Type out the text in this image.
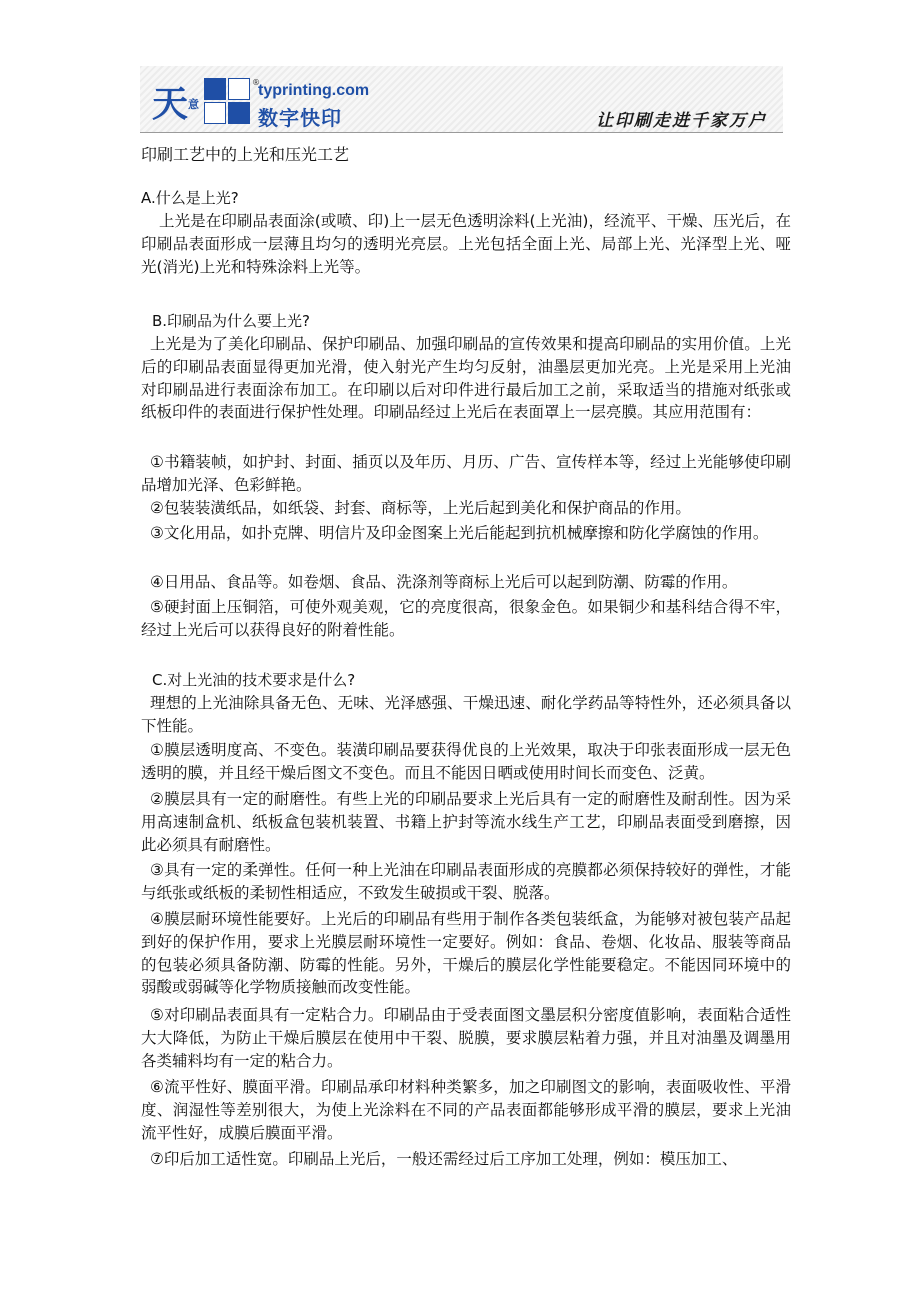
天 意
®
typrinting.com
数字快印	让印刷走进千家万户
印刷工艺中的上光和压光工艺
A.什么是上光?
上光是在印刷品表面涂(或喷、印)上一层无色透明涂料(上光油)，经流平、干燥、压光后，在印刷品表面形成一层薄且均匀的透明光亮层。上光包括全面上光、局部上光、光泽型上光、哑光(消光)上光和特殊涂料上光等。
B.印刷品为什么要上光?
上光是为了美化印刷品、保护印刷品、加强印刷品的宣传效果和提高印刷品的实用价值。上光后的印刷品表面显得更加光滑，使入射光产生均匀反射，油墨层更加光亮。上光是采用上光油对印刷品进行表面涂布加工。在印刷以后对印件进行最后加工之前，采取适当的措施对纸张或纸板印件的表面进行保护性处理。印刷品经过上光后在表面罩上一层亮膜。其应用范围有：
①书籍装帧，如护封、封面、插页以及年历、月历、广告、宣传样本等，经过上光能够使印刷品增加光泽、色彩鲜艳。
②包装装潢纸品，如纸袋、封套、商标等，上光后起到美化和保护商品的作用。
③文化用品，如扑克牌、明信片及印金图案上光后能起到抗机械摩擦和防化学腐蚀的作用。
④日用品、食品等。如卷烟、食品、洗涤剂等商标上光后可以起到防潮、防霉的作用。
⑤硬封面上压铜箔，可使外观美观，它的亮度很高，很象金色。如果铜少和基科结合得不牢，经过上光后可以获得良好的附着性能。
C.对上光油的技术要求是什么?
理想的上光油除具备无色、无味、光泽感强、干燥迅速、耐化学药品等特性外，还必须具备以下性能。
①膜层透明度高、不变色。装潢印刷品要获得优良的上光效果，取决于印张表面形成一层无色透明的膜，并且经干燥后图文不变色。而且不能因日晒或使用时间长而变色、泛黄。
②膜层具有一定的耐磨性。有些上光的印刷品要求上光后具有一定的耐磨性及耐刮性。因为采用高速制盒机、纸板盒包装机装置、书籍上护封等流水线生产工艺，印刷品表面受到磨擦，因此必须具有耐磨性。
③具有一定的柔弹性。任何一种上光油在印刷品表面形成的亮膜都必须保持较好的弹性，才能与纸张或纸板的柔韧性相适应，不致发生破损或干裂、脱落。
④膜层耐环境性能要好。上光后的印刷品有些用于制作各类包装纸盒，为能够对被包装产品起到好的保护作用，要求上光膜层耐环境性一定要好。例如：食品、卷烟、化妆品、服装等商品的包装必须具备防潮、防霉的性能。另外，干燥后的膜层化学性能要稳定。不能因同环境中的弱酸或弱碱等化学物质接触而改变性能。
⑤对印刷品表面具有一定粘合力。印刷品由于受表面图文墨层积分密度值影响，表面粘合适性大大降低，为防止干燥后膜层在使用中干裂、脱膜，要求膜层粘着力强，并且对油墨及调墨用各类辅料均有一定的粘合力。
⑥流平性好、膜面平滑。印刷品承印材料种类繁多，加之印刷图文的影响，表面吸收性、平滑度、润湿性等差别很大，为使上光涂料在不同的产品表面都能够形成平滑的膜层，要求上光油流平性好，成膜后膜面平滑。
⑦印后加工适性宽。印刷品上光后，一般还需经过后工序加工处理，例如：模压加工、
